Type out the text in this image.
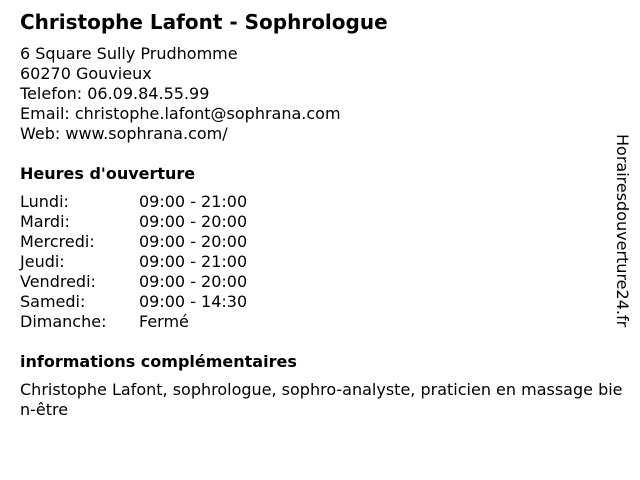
Christophe Lafont - Sophrologue
6 Square Sully Prudhomme
60270 Gouvieux
Telefon: 06.09.84.55.99
Email: christophe.lafont@sophrana.com
Web: www.sophrana.com/
Heures d'ouverture
Lundi:	09:00 - 21:00
Mardi:	09:00 - 20:00
Mercredi:	09:00 - 20:00
Jeudi:	09:00 - 21:00
Vendredi:	09:00 - 20:00
Samedi:	09:00 - 14:30
Dimanche:	Fermé
informations complémentaires
Christophe Lafont, sophrologue, sophro-analyste, praticien en massage bien-être
Horairesdouverture24.fr
